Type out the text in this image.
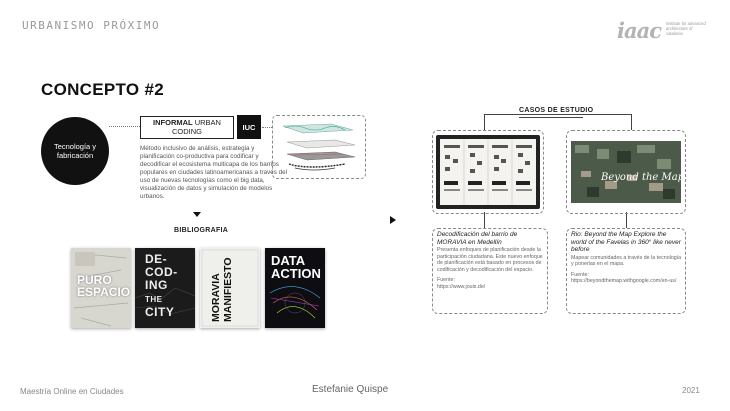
URBANISMO PRÓXIMO	iaac institute for advanced architecture of catalonia
CONCEPTO #2
Tecnología y fabricación
INFORMAL URBAN CODING	IUC
Método inclusivo de análisis, estrategia y planificación co-productiva para codificar y decodificar el ecosistema multicapa de los barrios populares en ciudades latinoamericanas a través del uso de nuevas tecnologías como el big data, visualización de datos y simulación de modelos urbanos.
BIBLIOGRAFIA
PURO
ESPACIO
DE-
COD-
ING
THE
CITY	MORAVIA
MANIFIESTO	DATA
ACTION
CASOS DE ESTUDIO
Beyond the Map
Decodificación del barrio de MORAVIA en Medellín
Presenta enfoques de planificación desde la participación ciudadana. Este nuevo enfoque de planificación está basado en procesos de codificación y decodificación del espacio.
Fuente:
https://www.jouis.de/
Rio: Beyond the Map Explore the world of the Favelas in 360° like never before
Mapear comunidades a través de la tecnología y ponerlas en el mapa.
Fuente:
https://beyondthemap.withgoogle.com/en-us/
Maestría Online en Ciudades	Estefanie Quispe	2021
